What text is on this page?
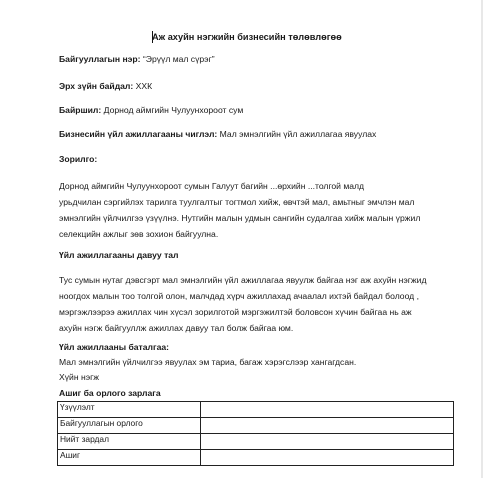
Аж ахуйн нэгжийн бизнесийн төлөвлөгөө
Байгууллагын нэр: “Эрүүл мал сүрэг”
Эрх зүйн байдал: ХХК
Байршил: Дорнод аймгийн Чулуунхороот сум
Бизнесийн үйл ажиллагааны чиглэл: Мал эмнэлгийн үйл ажиллагаа явуулах
Зорилго:
Дорнод аймгийн Чулуунхороот сумын Галуут багийн ...өрхийн ...толгой малд
урьдчилан сэргийлэх тарилга туулгалтыг тогтмол хийж, өвчтэй мал, амьтныг эмчлэн мал
эмнэлгийн үйлчилгээ үзүүлнэ. Нутгийн малын удмын сангийн судалгаа хийж малын үржил
селекцийн ажлыг зөв зохион байгуулна.
Үйл ажиллагааны давуу тал
Тус сумын нутаг дэвсгэрт мал эмнэлгийн үйл ажиллагаа явуулж байгаа нэг аж ахуйн нэгжид
ноогдох малын тоо толгой олон, малчдад хүрч ажиллахад ачаалал ихтэй байдал болоод ,
мэргэжлээрээ ажиллах чин хүсэл зорилготой мэргэжилтэй боловсон хүчин байгаа нь аж
ахуйн нэгж байгууллж ажиллах давуу тал болж байгаа юм.
Үйл ажиллааны баталгаа:
Мал эмнэлгийн үйлчилгээ явуулах эм тариа, багаж хэрэгслээр хангагдсан.
Хүйн нэгж
Ашиг ба орлого зарлага
Үзүүлэлт	
Байгууллагын орлого	
Нийт зардал	
Ашиг	
